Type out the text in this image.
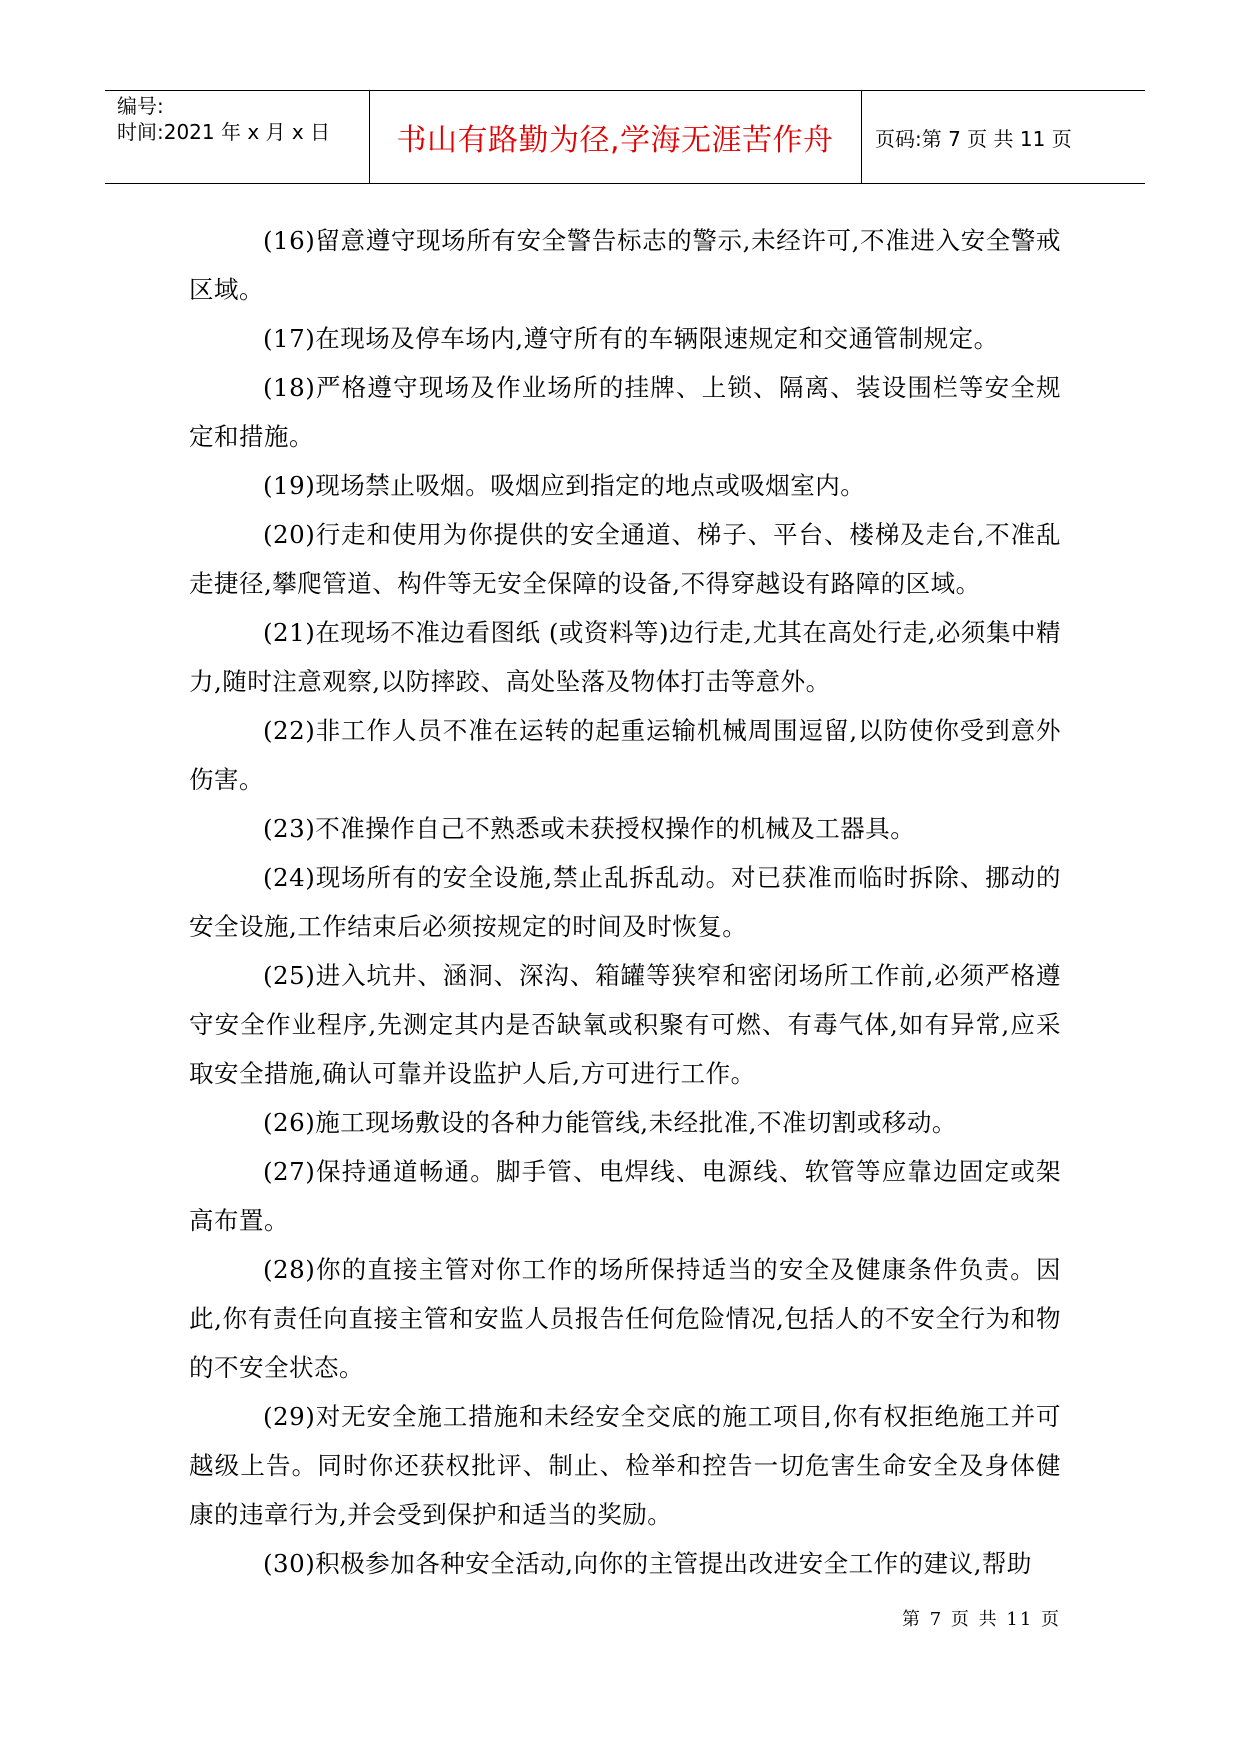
编号:
时间:2021 年 x 月 x 日	书山有路勤为径,学海无涯苦作舟	页码:第 7 页 共 11 页

(16)留意遵守现场所有安全警告标志的警示,未经许可,不准进入安全警戒区域。

(17)在现场及停车场内,遵守所有的车辆限速规定和交通管制规定。

(18)严格遵守现场及作业场所的挂牌、上锁、隔离、装设围栏等安全规定和措施。

(19)现场禁止吸烟。吸烟应到指定的地点或吸烟室内。

(20)行走和使用为你提供的安全通道、梯子、平台、楼梯及走台,不准乱走捷径,攀爬管道、构件等无安全保障的设备,不得穿越设有路障的区域。

(21)在现场不准边看图纸 (或资料等)边行走,尤其在高处行走,必须集中精力,随时注意观察,以防摔跤、高处坠落及物体打击等意外。

(22)非工作人员不准在运转的起重运输机械周围逗留,以防使你受到意外伤害。

(23)不准操作自己不熟悉或未获授权操作的机械及工器具。

(24)现场所有的安全设施,禁止乱拆乱动。对已获准而临时拆除、挪动的安全设施,工作结束后必须按规定的时间及时恢复。

(25)进入坑井、涵洞、深沟、箱罐等狭窄和密闭场所工作前,必须严格遵守安全作业程序,先测定其内是否缺氧或积聚有可燃、有毒气体,如有异常,应采取安全措施,确认可靠并设监护人后,方可进行工作。

(26)施工现场敷设的各种力能管线,未经批准,不准切割或移动。

(27)保持通道畅通。脚手管、电焊线、电源线、软管等应靠边固定或架高布置。

(28)你的直接主管对你工作的场所保持适当的安全及健康条件负责。因此,你有责任向直接主管和安监人员报告任何危险情况,包括人的不安全行为和物的不安全状态。

(29)对无安全施工措施和未经安全交底的施工项目,你有权拒绝施工并可越级上告。同时你还获权批评、制止、检举和控告一切危害生命安全及身体健康的违章行为,并会受到保护和适当的奖励。

(30)积极参加各种安全活动,向你的主管提出改进安全工作的建议,帮助

第 7 页 共 11 页
